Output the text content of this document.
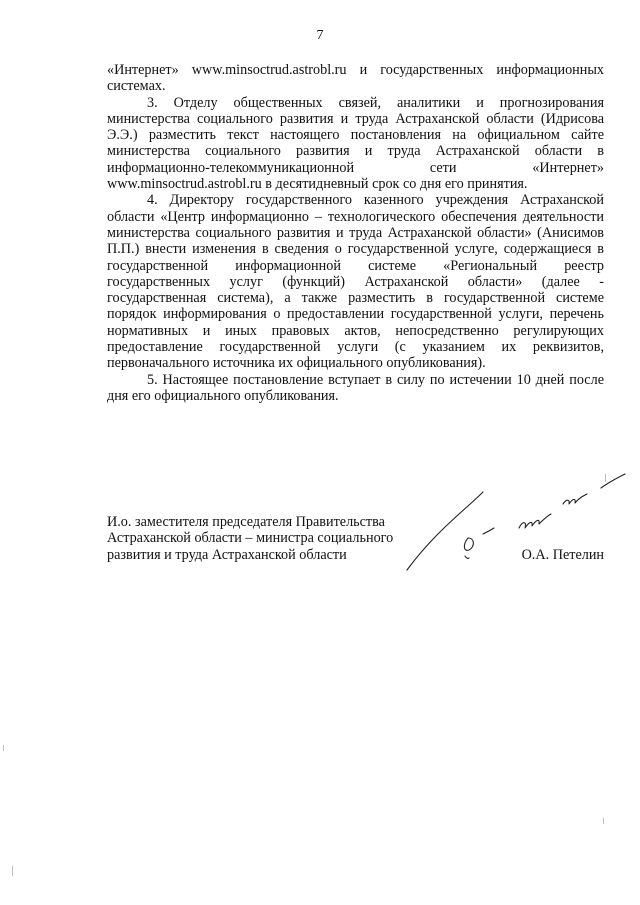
7

«Интернет» www.minsoctrud.astrobl.ru и государственных информационных системах.

3. Отделу общественных связей, аналитики и прогнозирования министерства социального развития и труда Астраханской области (Идрисова Э.Э.) разместить текст настоящего постановления на официальном сайте министерства социального развития и труда Астраханской области в информационно-телекоммуникационной сети «Интернет» www.minsoctrud.astrobl.ru в десятидневный срок со дня его принятия.

4. Директору государственного казенного учреждения Астраханской области «Центр информационно – технологического обеспечения деятельности министерства социального развития и труда Астраханской области» (Анисимов П.П.) внести изменения в сведения о государственной услуге, содержащиеся в государственной информационной системе «Региональный реестр государственных услуг (функций) Астраханской области» (далее - государственная система), а также разместить в государственной системе порядок информирования о предоставлении государственной услуги, перечень нормативных и иных правовых актов, непосредственно регулирующих предоставление государственной услуги (с указанием их реквизитов, первоначального источника их официального опубликования).

5. Настоящее постановление вступает в силу по истечении 10 дней после дня его официального опубликования.

И.о. заместителя председателя Правительства
Астраханской области – министра социального
развития и труда Астраханской области	О.А. Петелин
